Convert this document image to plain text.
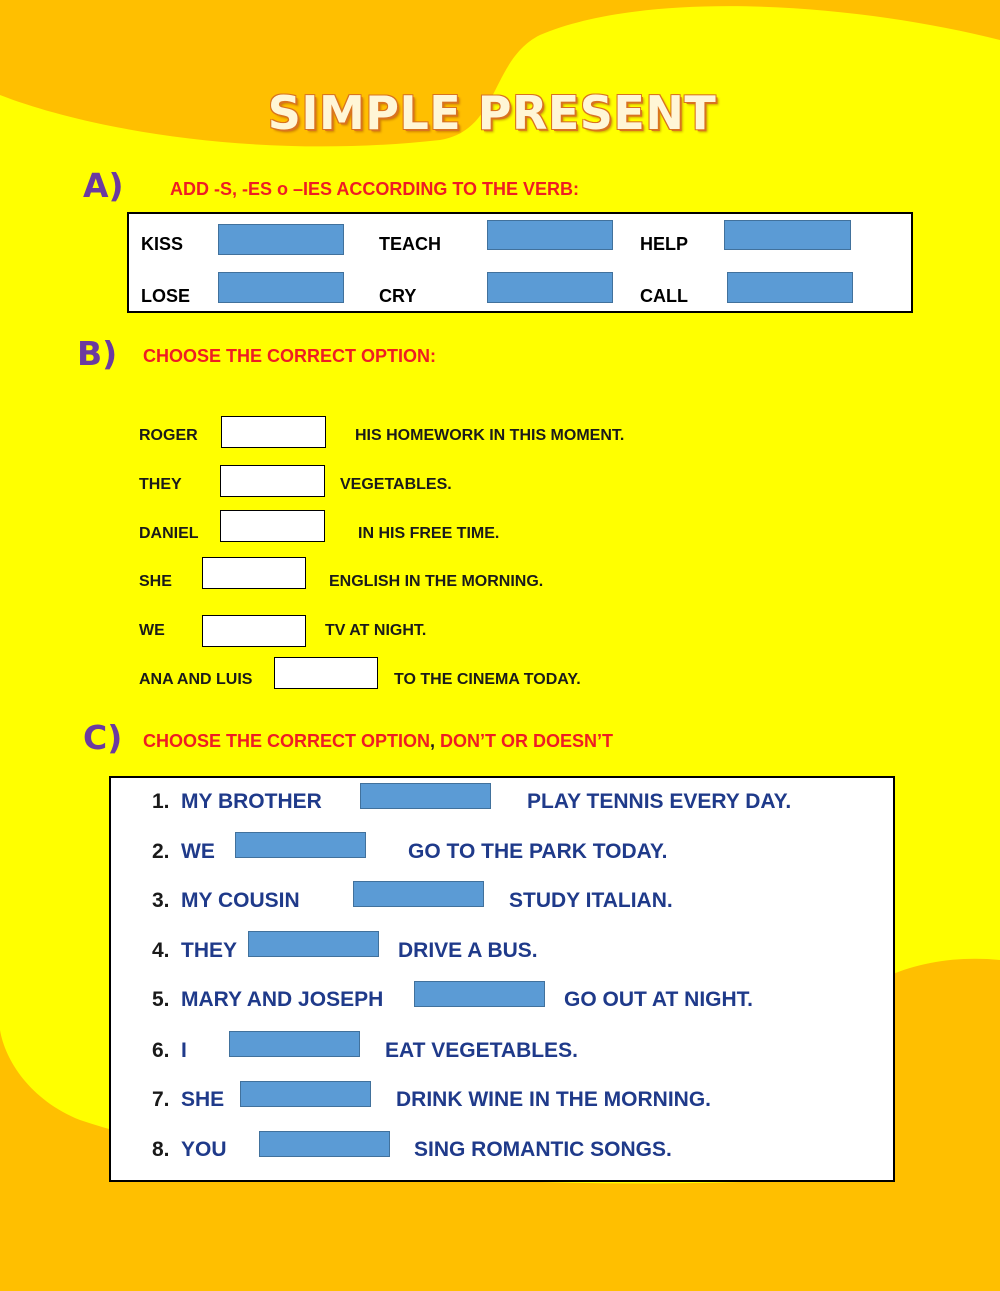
SIMPLE PRESENT
A)	ADD -S, -ES o –IES ACCORDING TO THE VERB:
KISS	TEACH	HELP
LOSE	CRY	CALL
B) CHOOSE THE CORRECT OPTION:
ROGER	HIS HOMEWORK IN THIS MOMENT.
THEY	VEGETABLES.
DANIEL	IN HIS FREE TIME.
SHE	ENGLISH IN THE MORNING.
WE	TV AT NIGHT.
ANA AND LUIS	TO THE CINEMA TODAY.
C) CHOOSE THE CORRECT OPTION, DON’T OR DOESN’T
1. MY BROTHER	PLAY TENNIS EVERY DAY.
2. WE	GO TO THE PARK TODAY.
3. MY COUSIN	STUDY ITALIAN.
4. THEY	DRIVE A BUS.
5. MARY AND JOSEPH	GO OUT AT NIGHT.
6. I	EAT VEGETABLES.
7. SHE	DRINK WINE IN THE MORNING.
8. YOU	SING ROMANTIC SONGS.
